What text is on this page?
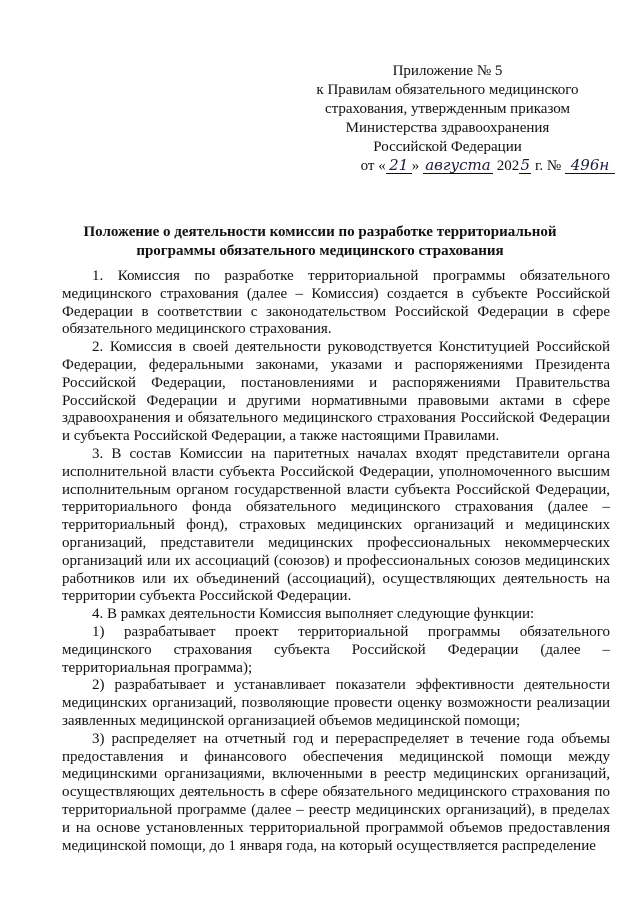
Приложение № 5
к Правилам обязательного медицинского
страхования, утвержденным приказом
Министерства здравоохранения
Российской Федерации
от « 21 » августа 2025 г. № 496н
Положение о деятельности комиссии по разработке территориальной
программы обязательного медицинского страхования

1. Комиссия по разработке территориальной программы обязательного медицинского страхования (далее – Комиссия) создается в субъекте Российской Федерации в соответствии с законодательством Российской Федерации в сфере обязательного медицинского страхования.

2. Комиссия в своей деятельности руководствуется Конституцией Российской Федерации, федеральными законами, указами и распоряжениями Президента Российской Федерации, постановлениями и распоряжениями Правительства Российской Федерации и другими нормативными правовыми актами в сфере здравоохранения и обязательного медицинского страхования Российской Федерации и субъекта Российской Федерации, а также настоящими Правилами.

3. В состав Комиссии на паритетных началах входят представители органа исполнительной власти субъекта Российской Федерации, уполномоченного высшим исполнительным органом государственной власти субъекта Российской Федерации, территориального фонда обязательного медицинского страхования (далее – территориальный фонд), страховых медицинских организаций и медицинских организаций, представители медицинских профессиональных некоммерческих организаций или их ассоциаций (союзов) и профессиональных союзов медицинских работников или их объединений (ассоциаций), осуществляющих деятельность на территории субъекта Российской Федерации.

4. В рамках деятельности Комиссия выполняет следующие функции:

1) разрабатывает проект территориальной программы обязательного медицинского страхования субъекта Российской Федерации (далее – территориальная программа);

2) разрабатывает и устанавливает показатели эффективности деятельности медицинских организаций, позволяющие провести оценку возможности реализации заявленных медицинской организацией объемов медицинской помощи;

3) распределяет на отчетный год и перераспределяет в течение года объемы предоставления и финансового обеспечения медицинской помощи между медицинскими организациями, включенными в реестр медицинских организаций, осуществляющих деятельность в сфере обязательного медицинского страхования по территориальной программе (далее – реестр медицинских организаций), в пределах и на основе установленных территориальной программой объемов предоставления медицинской помощи, до 1 января года, на который осуществляется распределение
